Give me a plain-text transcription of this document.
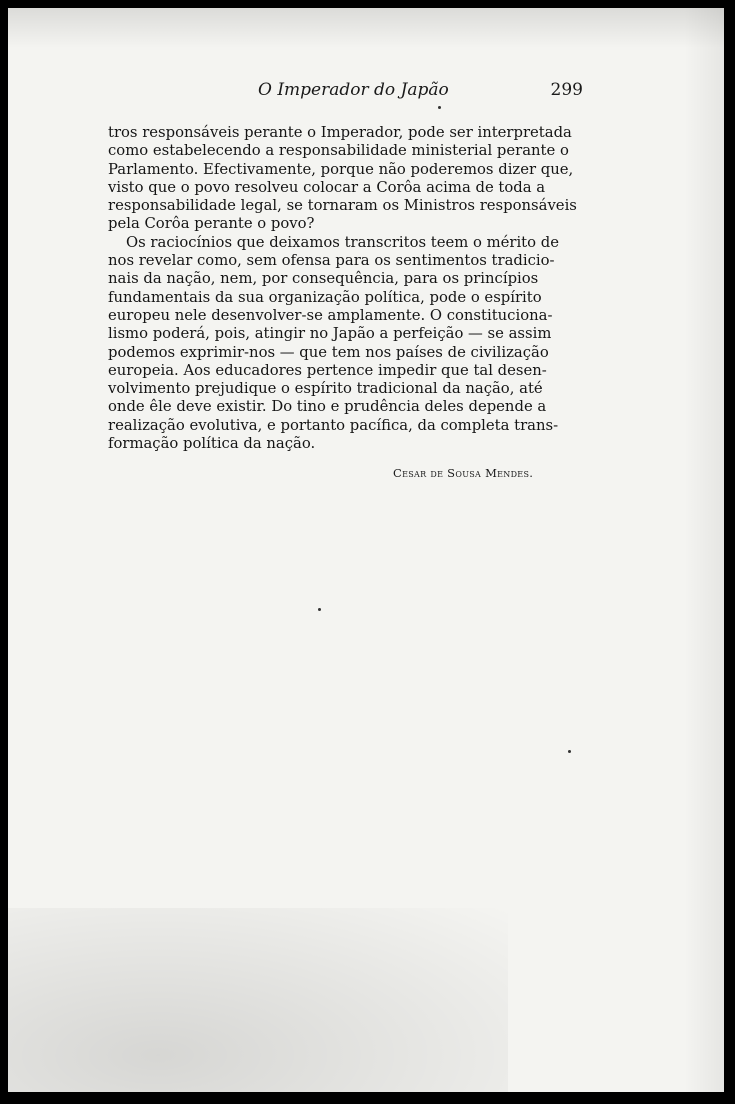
O Imperador do Japão	299

tros responsáveis perante o Imperador, pode ser interpretada
como estabelecendo a responsabilidade ministerial perante o
Parlamento. Efectivamente, porque não poderemos dizer que,
visto que o povo resolveu colocar a Corôa acima de toda a
responsabilidade legal, se tornaram os Ministros responsáveis
pela Corôa perante o povo?

Os raciocínios que deixamos transcritos teem o mérito de
nos revelar como, sem ofensa para os sentimentos tradicio-
nais da nação, nem, por consequência, para os princípios
fundamentais da sua organização política, pode o espírito
europeu nele desenvolver-se amplamente. O constituciona-
lismo poderá, pois, atingir no Japão a perfeição — se assim
podemos exprimir-nos — que tem nos países de civilização
europeia. Aos educadores pertence impedir que tal desen-
volvimento prejudique o espírito tradicional da nação, até
onde êle deve existir. Do tino e prudência deles depende a
realização evolutiva, e portanto pacífica, da completa trans-
formação política da nação.

Cesar de Sousa Mendes.
